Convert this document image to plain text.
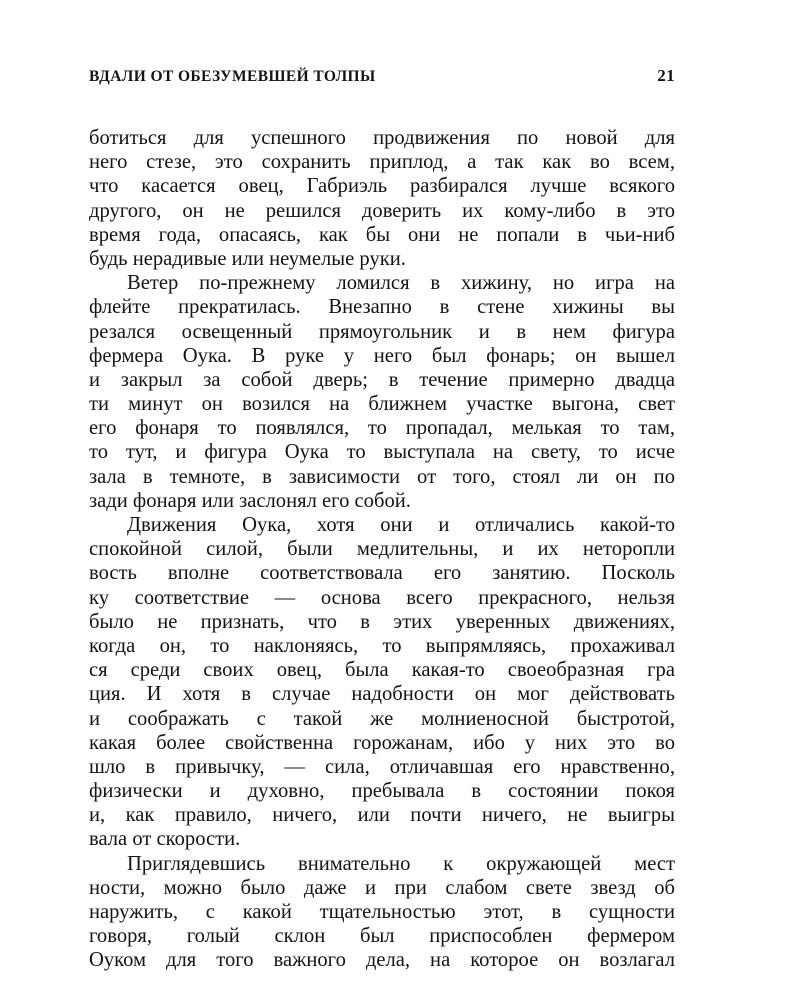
ВДАЛИ ОТ ОБЕЗУМЕВШЕЙ ТОЛПЫ	21
ботиться для успешного продвижения по новой для
него стезе, это сохранить приплод, а так как во всем,
что касается овец, Габриэль разбирался лучше всякого
другого, он не решился доверить их кому-либо в это
время года, опасаясь, как бы они не попали в чьи-ниб
будь нерадивые или неумелые руки.
Ветер по-прежнему ломился в хижину, но игра на
флейте прекратилась. Внезапно в стене хижины вы
резался освещенный прямоугольник и в нем фигура
фермера Оука. В руке у него был фонарь; он вышел
и закрыл за собой дверь; в течение примерно двадца
ти минут он возился на ближнем участке выгона, свет
его фонаря то появлялся, то пропадал, мелькая то там,
то тут, и фигура Оука то выступала на свету, то исче
зала в темноте, в зависимости от того, стоял ли он по
зади фонаря или заслонял его собой.
Движения Оука, хотя они и отличались какой-то
спокойной силой, были медлительны, и их неторопли
вость вполне соответствовала его занятию. Посколь
ку соответствие — основа всего прекрасного, нельзя
было не признать, что в этих уверенных движениях,
когда он, то наклоняясь, то выпрямляясь, прохаживал
ся среди своих овец, была какая-то своеобразная гра
ция. И хотя в случае надобности он мог действовать
и соображать с такой же молниеносной быстротой,
какая более свойственна горожанам, ибо у них это во
шло в привычку, — сила, отличавшая его нравственно,
физически и духовно, пребывала в состоянии покоя
и, как правило, ничего, или почти ничего, не выигры
вала от скорости.
Приглядевшись внимательно к окружающей мест
ности, можно было даже и при слабом свете звезд об
наружить, с какой тщательностью этот, в сущности
говоря, голый склон был приспособлен фермером
Оуком для того важного дела, на которое он возлагал
